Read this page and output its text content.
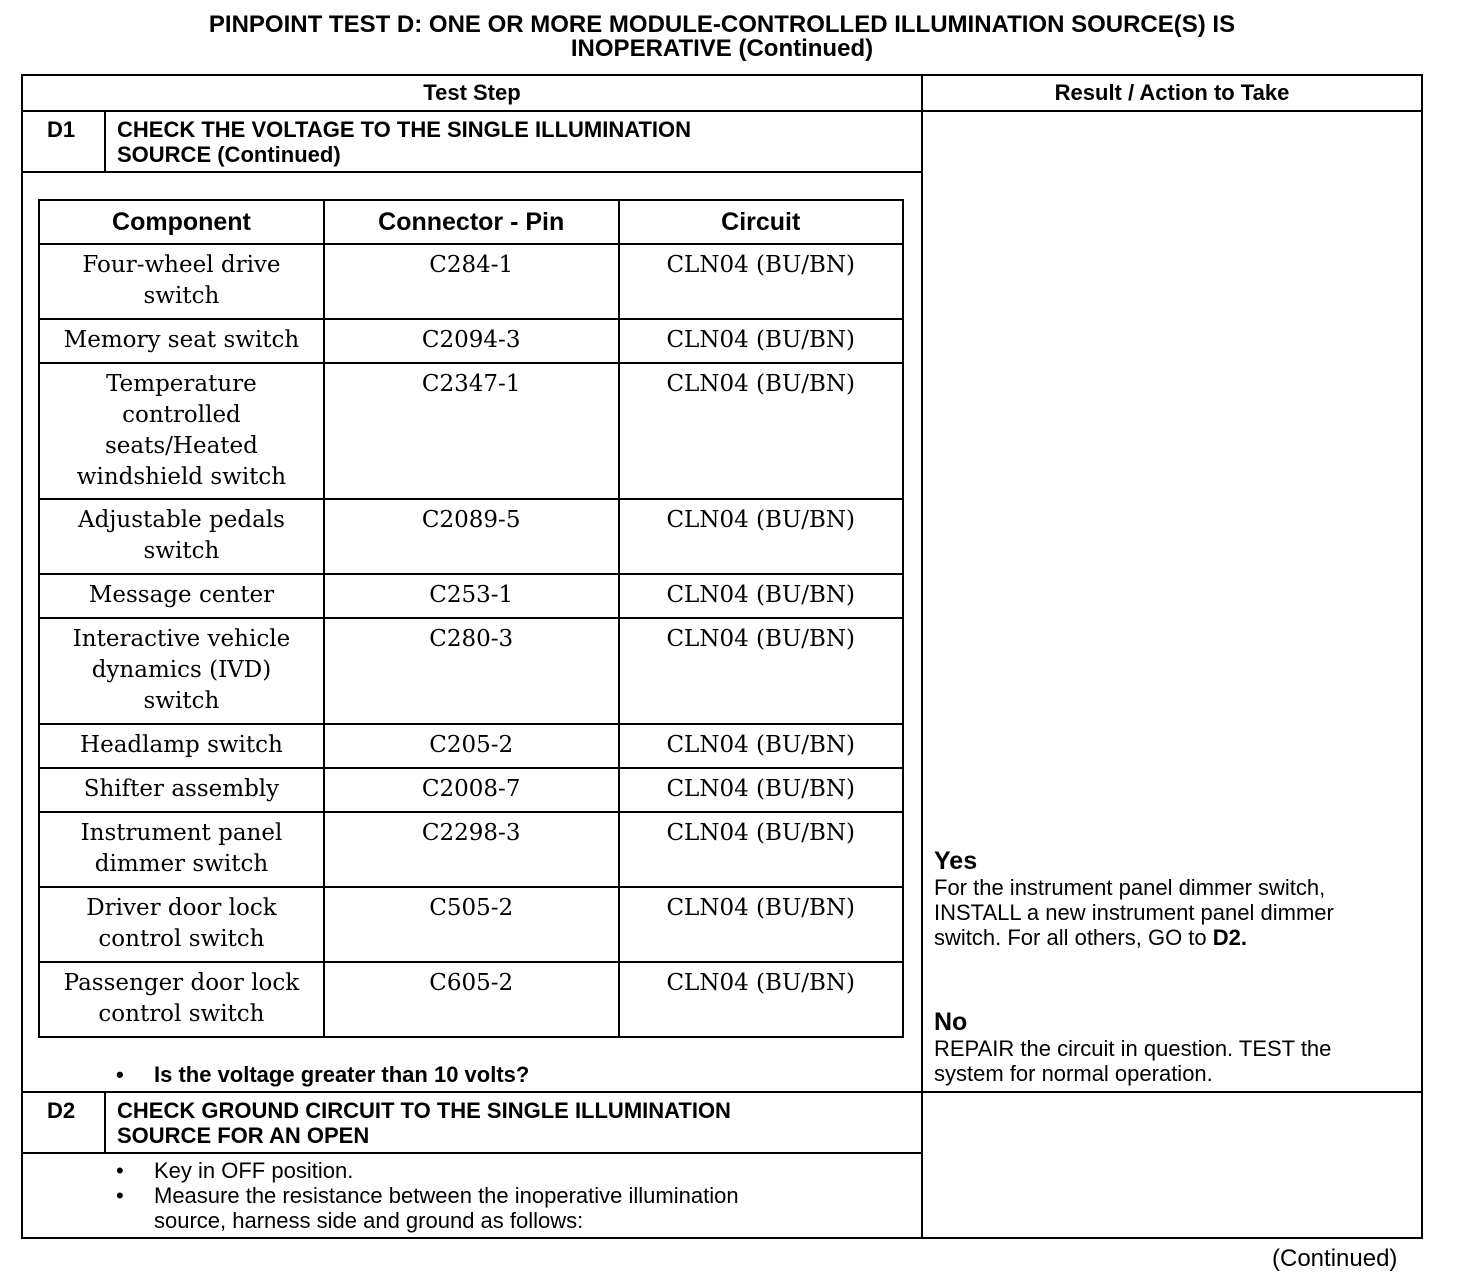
PINPOINT TEST D: ONE OR MORE MODULE-CONTROLLED ILLUMINATION SOURCE(S) IS
INOPERATIVE (Continued)
Test Step	Result / Action to Take
D1 CHECK THE VOLTAGE TO THE SINGLE ILLUMINATION
SOURCE (Continued)
Component	Connector - Pin	Circuit

Four-wheel drive
switch	C284-1	CLN04 (BU/BN)

Memory seat switch	C2094-3	CLN04 (BU/BN)

Temperature
controlled
seats/Heated
windshield switch	C2347-1	CLN04 (BU/BN)

Adjustable pedals
switch	C2089-5	CLN04 (BU/BN)

Message center	C253-1	CLN04 (BU/BN)

Interactive vehicle
dynamics (IVD)
switch	C280-3	CLN04 (BU/BN)

Headlamp switch	C205-2	CLN04 (BU/BN)

Shifter assembly	C2008-7	CLN04 (BU/BN)

Instrument panel
dimmer switch	C2298-3	CLN04 (BU/BN)

Driver door lock
control switch	C505-2	CLN04 (BU/BN)

Passenger door lock
control switch	C605-2	CLN04 (BU/BN)
• Is the voltage greater than 10 volts?
Yes
For the instrument panel dimmer switch,
INSTALL a new instrument panel dimmer
switch. For all others, GO to D2.
No
REPAIR the circuit in question. TEST the
system for normal operation.
D2 CHECK GROUND CIRCUIT TO THE SINGLE ILLUMINATION
SOURCE FOR AN OPEN
• Key in OFF position.
• Measure the resistance between the inoperative illumination
source, harness side and ground as follows:
(Continued)
